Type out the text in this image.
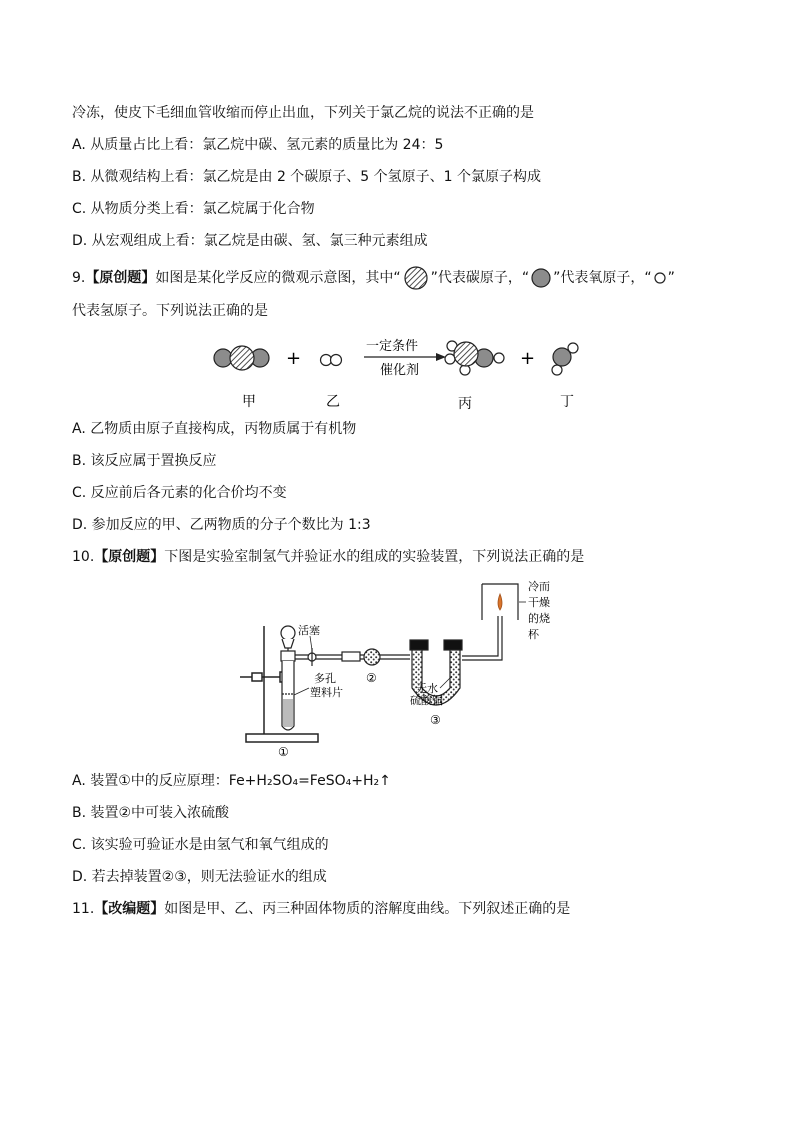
冷冻，使皮下毛细血管收缩而停止出血，下列关于氯乙烷的说法不正确的是
A. 从质量占比上看：氯乙烷中碳、氢元素的质量比为 24：5
B. 从微观结构上看：氯乙烷是由 2 个碳原子、5 个氢原子、1 个氯原子构成
C. 从物质分类上看：氯乙烷属于化合物
D. 从宏观组成上看：氯乙烷是由碳、氢、氯三种元素组成
9. 【原创题】 如图是某化学反应的微观示意图，其中“ ”代表碳原子，“ ”代表氧原子，“ ”
代表氢原子。下列说法正确的是
+
一定条件
催化剂
+
甲	乙	丙	丁
A. 乙物质由原子直接构成，丙物质属于有机物
B. 该反应属于置换反应
C. 反应前后各元素的化合价均不变
D. 参加反应的甲、乙两物质的分子个数比为 1:3
10.【原创题】下图是实验室制氢气并验证水的组成的实验装置，下列说法正确的是
活塞
②
无水
硫酸铜
③
冷而
干燥
的烧
杯
多孔
塑料片
①
A. 装置①中的反应原理：Fe+H₂SO₄=FeSO₄+H₂↑
B. 装置②中可装入浓硫酸
C. 该实验可验证水是由氢气和氧气组成的
D. 若去掉装置②③，则无法验证水的组成
11.【改编题】如图是甲、乙、丙三种固体物质的溶解度曲线。下列叙述正确的是
